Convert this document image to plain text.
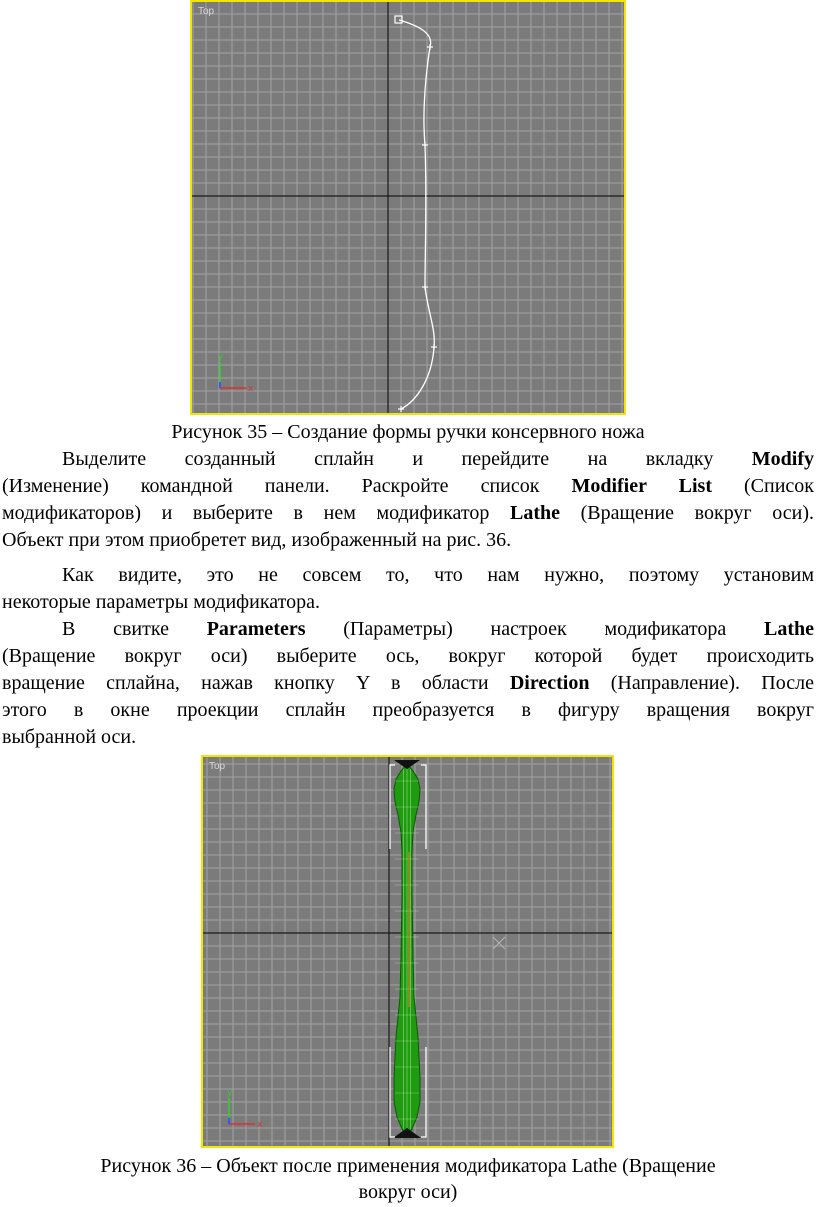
y
x
Top
Рисунок 35 – Создание формы ручки консервного ножа
Выделите созданный сплайн и перейдите на вкладку Modify
(Изменение) командной панели. Раскройте список Modifier List (Список
модификаторов) и выберите в нем модификатор Lathe (Вращение вокруг оси).
Объект при этом приобретет вид, изображенный на рис. 36.
Как видите, это не совсем то, что нам нужно, поэтому установим
некоторые параметры модификатора.
В свитке Parameters (Параметры) настроек модификатора Lathe
(Вращение вокруг оси) выберите ось, вокруг которой будет происходить
вращение сплайна, нажав кнопку Y в области Direction (Направление). После
этого в окне проекции сплайн преобразуется в фигуру вращения вокруг
выбранной оси.
y
x
Top
Рисунок 36 – Объект после применения модификатора Lathe (Вращение
вокруг оси)
